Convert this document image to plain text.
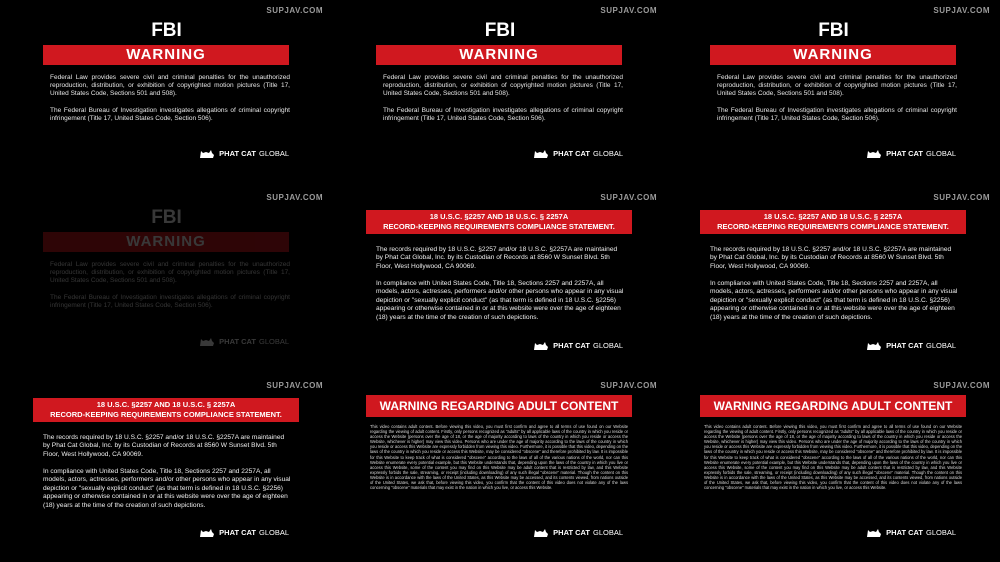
SUPJAV.COM
FBI
WARNING
Federal Law provides severe civil and criminal penalties for the unauthorized reproduction, distribution, or exhibition of copyrighted motion pictures (Title 17, United States Code, Sections 501 and 508).
The Federal Bureau of Investigation investigates allegations of criminal copyright infringement (Title 17, United States Code, Section 506).
PHAT CAT GLOBAL
SUPJAV.COM
FBI
WARNING
Federal Law provides severe civil and criminal penalties for the unauthorized reproduction, distribution, or exhibition of copyrighted motion pictures (Title 17, United States Code, Sections 501 and 508).
The Federal Bureau of Investigation investigates allegations of criminal copyright infringement (Title 17, United States Code, Section 506).
PHAT CAT GLOBAL
SUPJAV.COM
FBI
WARNING
Federal Law provides severe civil and criminal penalties for the unauthorized reproduction, distribution, or exhibition of copyrighted motion pictures (Title 17, United States Code, Sections 501 and 508).
The Federal Bureau of Investigation investigates allegations of criminal copyright infringement (Title 17, United States Code, Section 506).
PHAT CAT GLOBAL
SUPJAV.COM
FBI
WARNING
Federal Law provides severe civil and criminal penalties for the unauthorized reproduction, distribution, or exhibition of copyrighted motion pictures (Title 17, United States Code, Sections 501 and 508).
The Federal Bureau of Investigation investigates allegations of criminal copyright infringement (Title 17, United States Code, Section 506).
PHAT CAT GLOBAL
SUPJAV.COM
18 U.S.C. §2257 AND 18 U.S.C. § 2257A
RECORD-KEEPING REQUIREMENTS COMPLIANCE STATEMENT.
The records required by 18 U.S.C. §2257 and/or 18 U.S.C. §2257A are maintained by Phat Cat Global, Inc. by its Custodian of Records at 8560 W Sunset Blvd. 5th Floor, West Hollywood, CA 90069.
In compliance with United States Code, Title 18, Sections 2257 and 2257A, all models, actors, actresses, performers and/or other persons who appear in any visual depiction or "sexually explicit conduct" (as that term is defined in 18 U.S.C. §2256) appearing or otherwise contained in or at this website were over the age of eighteen (18) years at the time of the creation of such depictions.
PHAT CAT GLOBAL
SUPJAV.COM
18 U.S.C. §2257 AND 18 U.S.C. § 2257A
RECORD-KEEPING REQUIREMENTS COMPLIANCE STATEMENT.
The records required by 18 U.S.C. §2257 and/or 18 U.S.C. §2257A are maintained by Phat Cat Global, Inc. by its Custodian of Records at 8560 W Sunset Blvd. 5th Floor, West Hollywood, CA 90069.
In compliance with United States Code, Title 18, Sections 2257 and 2257A, all models, actors, actresses, performers and/or other persons who appear in any visual depiction or "sexually explicit conduct" (as that term is defined in 18 U.S.C. §2256) appearing or otherwise contained in or at this website were over the age of eighteen (18) years at the time of the creation of such depictions.
PHAT CAT GLOBAL
SUPJAV.COM
18 U.S.C. §2257 AND 18 U.S.C. § 2257A
RECORD-KEEPING REQUIREMENTS COMPLIANCE STATEMENT.
The records required by 18 U.S.C. §2257 and/or 18 U.S.C. §2257A are maintained by Phat Cat Global, Inc. by its Custodian of Records at 8560 W Sunset Blvd. 5th Floor, West Hollywood, CA 90069.
In compliance with United States Code, Title 18, Sections 2257 and 2257A, all models, actors, actresses, performers and/or other persons who appear in any visual depiction or "sexually explicit conduct" (as that term is defined in 18 U.S.C. §2256) appearing or otherwise contained in or at this website were over the age of eighteen (18) years at the time of the creation of such depictions.
PHAT CAT GLOBAL
SUPJAV.COM
WARNING REGARDING ADULT CONTENT
This video contains adult content. Before viewing this video, you must first confirm and agree to all terms of use found on our Website regarding the viewing of adult content. Firstly, only persons recognized as "adults" by all applicable laws of the country in which you reside or access the Website (persons over the age of 18, or the age of majority according to laws of the country in which you reside or access the Website, whichever is higher) may view this video. Persons who are under the age of majority according to the laws of the country in which you reside or access this Website are expressly forbidden from viewing this video. Furthermore, it is possible that this video, depending on the laws of the country in which you reside or access this Website, may be considered "obscene" and therefore prohibited by law. It is impossible for this Website to keep track of what is considered "obscene" according to the laws of all of the various nations of the world, nor can this Website enumerate every potential example, but this Website understands that, depending upon the laws of the country in which you live or access this Website, some of the content you may find on this Website may be adult content that is restricted by law, and this Website expressly forbids the sale, streaming, or receipt (including downloading) of any such illegal "obscene" material. Though the content on this Website is in accordance with the laws of the United States, as this Website may be accessed, and its contents viewed, from nations outside of the United States, we ask that, before viewing this video, you confirm that the content of this video does not violate any of the laws concerning "obscene" materials that may exist in the nation in which you live, or access this Website.
PHAT CAT GLOBAL
SUPJAV.COM
WARNING REGARDING ADULT CONTENT
This video contains adult content. Before viewing this video, you must first confirm and agree to all terms of use found on our Website regarding the viewing of adult content. Firstly, only persons recognized as "adults" by all applicable laws of the country in which you reside or access the Website (persons over the age of 18, or the age of majority according to laws of the country in which you reside or access the Website, whichever is higher) may view this video. Persons who are under the age of majority according to the laws of the country in which you reside or access this Website are expressly forbidden from viewing this video. Furthermore, it is possible that this video, depending on the laws of the country in which you reside or access this Website, may be considered "obscene" and therefore prohibited by law. It is impossible for this Website to keep track of what is considered "obscene" according to the laws of all of the various nations of the world, nor can this Website enumerate every potential example, but this Website understands that, depending upon the laws of the country in which you live or access this Website, some of the content you may find on this Website may be adult content that is restricted by law, and this Website expressly forbids the sale, streaming, or receipt (including downloading) of any such illegal "obscene" material. Though the content on this Website is in accordance with the laws of the United States, as this Website may be accessed, and its contents viewed, from nations outside of the United States, we ask that, before viewing this video, you confirm that the content of this video does not violate any of the laws concerning "obscene" materials that may exist in the nation in which you live, or access this Website.
PHAT CAT GLOBAL
